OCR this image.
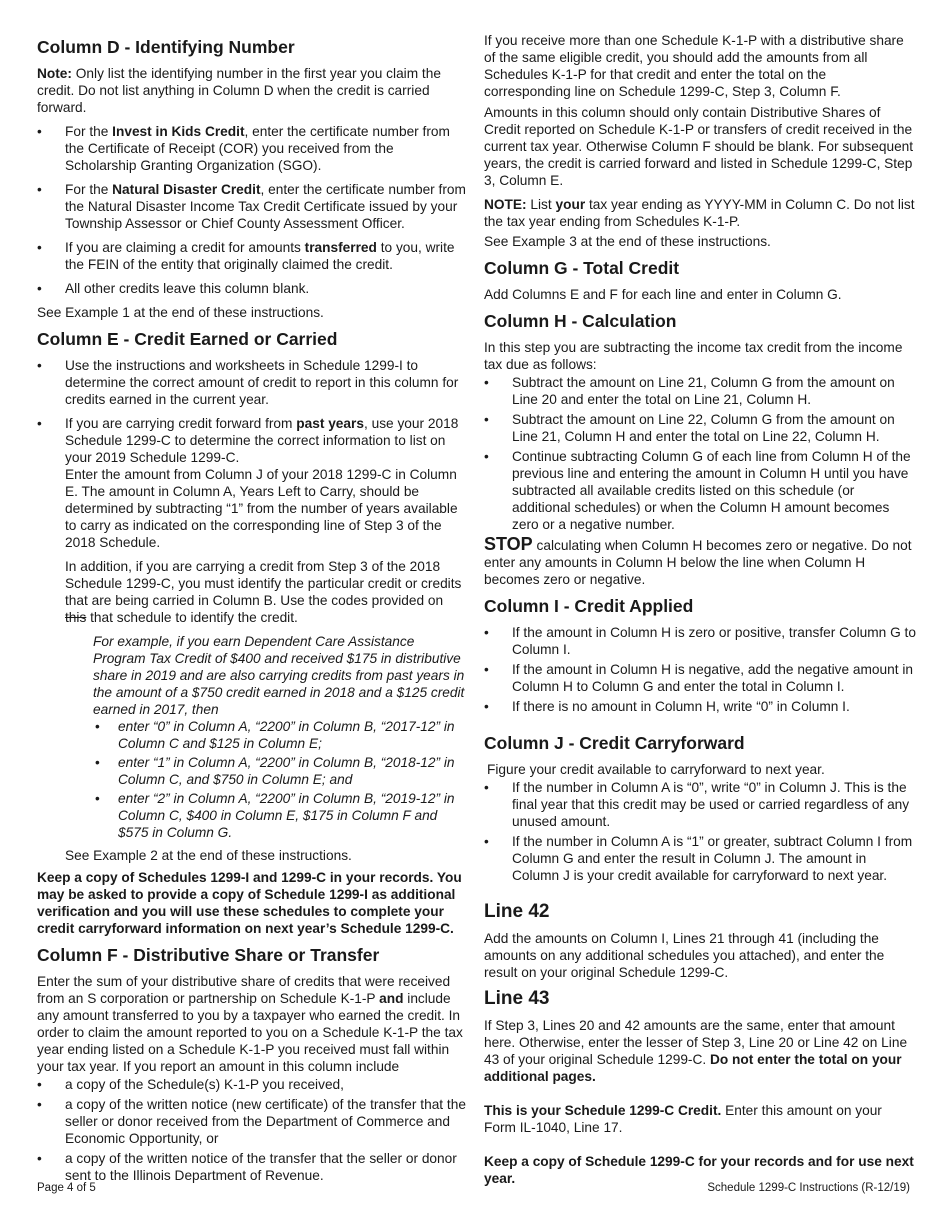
Column D - Identifying Number

Note: Only list the identifying number in the first year you claim the credit. Do not list anything in Column D when the credit is carried forward.

• For the Invest in Kids Credit, enter the certificate number from the Certificate of Receipt (COR) you received from the Scholarship Granting Organization (SGO).
• For the Natural Disaster Credit, enter the certificate number from the Natural Disaster Income Tax Credit Certificate issued by your Township Assessor or Chief County Assessment Officer.
• If you are claiming a credit for amounts transferred to you, write the FEIN of the entity that originally claimed the credit.
• All other credits leave this column blank.

See Example 1 at the end of these instructions.

Column E - Credit Earned or Carried
• Use the instructions and worksheets in Schedule 1299-I to determine the correct amount of credit to report in this column for credits earned in the current year.
• If you are carrying credit forward from past years, use your 2018 Schedule 1299-C to determine the correct information to list on your 2019 Schedule 1299-C.

Enter the amount from Column J of your 2018 1299-C in Column E. The amount in Column A, Years Left to Carry, should be determined by subtracting “1” from the number of years available to carry as indicated on the corresponding line of Step 3 of the 2018 Schedule.

In addition, if you are carrying a credit from Step 3 of the 2018 Schedule 1299-C, you must identify the particular credit or credits that are being carried in Column B. Use the codes provided on this that schedule to identify the credit.

For example, if you earn Dependent Care Assistance Program Tax Credit of $400 and received $175 in distributive share in 2019 and are also carrying credits from past years in the amount of a $750 credit earned in 2018 and a $125 credit earned in 2017, then

• enter “0” in Column A, “2200” in Column B, “2017-12” in Column C and $125 in Column E;
• enter “1” in Column A, “2200” in Column B, “2018-12” in Column C, and $750 in Column E; and
• enter “2” in Column A, “2200” in Column B, “2019-12” in Column C, $400 in Column E, $175 in Column F and $575 in Column G.

See Example 2 at the end of these instructions.

Keep a copy of Schedules 1299-I and 1299-C in your records. You may be asked to provide a copy of Schedule 1299-I as additional verification and you will use these schedules to complete your credit carryforward information on next year’s Schedule 1299-C.

Column F - Distributive Share or Transfer

Enter the sum of your distributive share of credits that were received from an S corporation or partnership on Schedule K-1-P and include any amount transferred to you by a taxpayer who earned the credit. In order to claim the amount reported to you on a Schedule K-1-P the tax year ending listed on a Schedule K-1-P you received must fall within your tax year. If you report an amount in this column include

• a copy of the Schedule(s) K-1-P you received,
• a copy of the written notice (new certificate) of the transfer that the seller or donor received from the Department of Commerce and Economic Opportunity, or
• a copy of the written notice of the transfer that the seller or donor sent to the Illinois Department of Revenue.

If you receive more than one Schedule K-1-P with a distributive share of the same eligible credit, you should add the amounts from all Schedules K-1-P for that credit and enter the total on the corresponding line on Schedule 1299-C, Step 3, Column F.

Amounts in this column should only contain Distributive Shares of Credit reported on Schedule K-1-P or transfers of credit received in the current tax year. Otherwise Column F should be blank. For subsequent years, the credit is carried forward and listed in Schedule 1299-C, Step 3, Column E.

NOTE: List your tax year ending as YYYY-MM in Column C. Do not list the tax year ending from Schedules K-1-P.

See Example 3 at the end of these instructions.

Column G - Total Credit

Add Columns E and F for each line and enter in Column G.

Column H - Calculation

In this step you are subtracting the income tax credit from the income tax due as follows:

• Subtract the amount on Line 21, Column G from the amount on Line 20 and enter the total on Line 21, Column H.
• Subtract the amount on Line 22, Column G from the amount on Line 21, Column H and enter the total on Line 22, Column H.
• Continue subtracting Column G of each line from Column H of the previous line and entering the amount in Column H until you have subtracted all available credits listed on this schedule (or additional schedules) or when the Column H amount becomes zero or a negative number.

STOP calculating when Column H becomes zero or negative. Do not enter any amounts in Column H below the line when Column H becomes zero or negative.

Column I - Credit Applied
• If the amount in Column H is zero or positive, transfer Column G to Column I.
• If the amount in Column H is negative, add the negative amount in Column H to Column G and enter the total in Column I.
• If there is no amount in Column H, write “0” in Column I.
Column J - Credit Carryforward

Figure your credit available to carryforward to next year.

• If the number in Column A is “0”, write “0” in Column J. This is the final year that this credit may be used or carried regardless of any unused amount.
• If the number in Column A is “1” or greater, subtract Column I from Column G and enter the result in Column J. The amount in Column J is your credit available for carryforward to next year.
Line 42

Add the amounts on Column I, Lines 21 through 41 (including the amounts on any additional schedules you attached), and enter the result on your original Schedule 1299-C.

Line 43

If Step 3, Lines 20 and 42 amounts are the same, enter that amount here. Otherwise, enter the lesser of Step 3, Line 20 or Line 42 on Line 43 of your original Schedule 1299-C. Do not enter the total on your additional pages.

This is your Schedule 1299-C Credit. Enter this amount on your Form IL-1040, Line 17.

Keep a copy of Schedule 1299-C for your records and for use next year.

Page 4 of 5	Schedule 1299-C Instructions (R-12/19)
